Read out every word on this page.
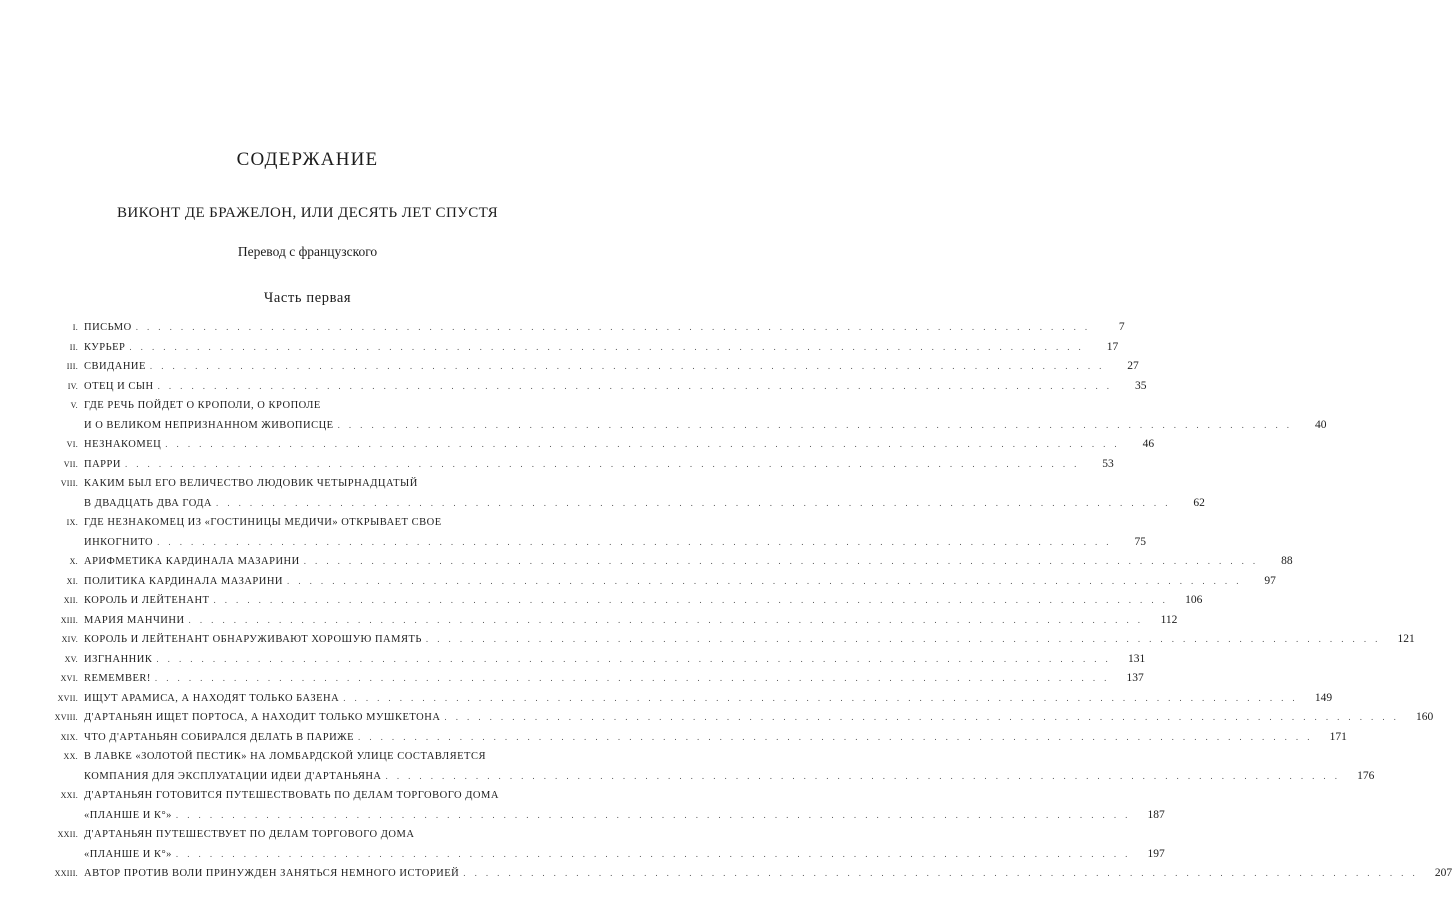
СОДЕРЖАНИЕ
ВИКОНТ ДЕ БРАЖЕЛОН, ИЛИ ДЕСЯТЬ ЛЕТ СПУСТЯ
Перевод с французского
Часть первая
I. ПИСЬМО . . . . . . . . . . . . . . . . . . . . . . . . . . . . . . . . . . . . . . . . . . . . . . . . . . . . . . . . . . . . . . . . . . . . . . . . . . . . . . . . . . . . .	7
II. КУРЬЕР . . . . . . . . . . . . . . . . . . . . . . . . . . . . . . . . . . . . . . . . . . . . . . . . . . . . . . . . . . . . . . . . . . . . . . . . . . . . . . . . . . . . .	17
III. СВИДАНИЕ . . . . . . . . . . . . . . . . . . . . . . . . . . . . . . . . . . . . . . . . . . . . . . . . . . . . . . . . . . . . . . . . . . . . . . . . . . . . . . . . . . . . .	27
IV. ОТЕЦ И СЫН . . . . . . . . . . . . . . . . . . . . . . . . . . . . . . . . . . . . . . . . . . . . . . . . . . . . . . . . . . . . . . . . . . . . . . . . . . . . . . . . . . . . .	35
V. ГДЕ РЕЧЬ ПОЙДЕТ О КРОПОЛИ, О КРОПОЛЕ
И О ВЕЛИКОМ НЕПРИЗНАННОМ ЖИВОПИСЦЕ . . . . . . . . . . . . . . . . . . . . . . . . . . . . . . . . . . . . . . . . . . . . . . . . . . . . . . . . . . . . . . . . . . . . . . . . . . . . . . . . . . . . .	40
VI. НЕЗНАКОМЕЦ . . . . . . . . . . . . . . . . . . . . . . . . . . . . . . . . . . . . . . . . . . . . . . . . . . . . . . . . . . . . . . . . . . . . . . . . . . . . . . . . . . . . .	46
VII. ПАРРИ . . . . . . . . . . . . . . . . . . . . . . . . . . . . . . . . . . . . . . . . . . . . . . . . . . . . . . . . . . . . . . . . . . . . . . . . . . . . . . . . . . . . .	53
VIII. КАКИМ БЫЛ ЕГО ВЕЛИЧЕСТВО ЛЮДОВИК ЧЕТЫРНАДЦАТЫЙ
В ДВАДЦАТЬ ДВА ГОДА . . . . . . . . . . . . . . . . . . . . . . . . . . . . . . . . . . . . . . . . . . . . . . . . . . . . . . . . . . . . . . . . . . . . . . . . . . . . . . . . . . . . .	62
IX. ГДЕ НЕЗНАКОМЕЦ ИЗ «ГОСТИНИЦЫ МЕДИЧИ» ОТКРЫВАЕТ СВОЕ
ИНКОГНИТО . . . . . . . . . . . . . . . . . . . . . . . . . . . . . . . . . . . . . . . . . . . . . . . . . . . . . . . . . . . . . . . . . . . . . . . . . . . . . . . . . . . . .	75
X. АРИФМЕТИКА КАРДИНАЛА МАЗАРИНИ . . . . . . . . . . . . . . . . . . . . . . . . . . . . . . . . . . . . . . . . . . . . . . . . . . . . . . . . . . . . . . . . . . . . . . . . . . . . . . . . . . . . .	88
XI. ПОЛИТИКА КАРДИНАЛА МАЗАРИНИ . . . . . . . . . . . . . . . . . . . . . . . . . . . . . . . . . . . . . . . . . . . . . . . . . . . . . . . . . . . . . . . . . . . . . . . . . . . . . . . . . . . . .	97
XII. КОРОЛЬ И ЛЕЙТЕНАНТ . . . . . . . . . . . . . . . . . . . . . . . . . . . . . . . . . . . . . . . . . . . . . . . . . . . . . . . . . . . . . . . . . . . . . . . . . . . . . . . . . . . . .	106
XIII. МАРИЯ МАНЧИНИ . . . . . . . . . . . . . . . . . . . . . . . . . . . . . . . . . . . . . . . . . . . . . . . . . . . . . . . . . . . . . . . . . . . . . . . . . . . . . . . . . . . . .	112
XIV. КОРОЛЬ И ЛЕЙТЕНАНТ ОБНАРУЖИВАЮТ ХОРОШУЮ ПАМЯТЬ . . . . . . . . . . . . . . . . . . . . . . . . . . . . . . . . . . . . . . . . . . . . . . . . . . . . . . . . . . . . . . . . . . . . . . . . . . . . . . . . . . . . .	121
XV. ИЗГНАННИК . . . . . . . . . . . . . . . . . . . . . . . . . . . . . . . . . . . . . . . . . . . . . . . . . . . . . . . . . . . . . . . . . . . . . . . . . . . . . . . . . . . . .	131
XVI. REMEMBER! . . . . . . . . . . . . . . . . . . . . . . . . . . . . . . . . . . . . . . . . . . . . . . . . . . . . . . . . . . . . . . . . . . . . . . . . . . . . . . . . . . . . .	137
XVII. ИЩУТ АРАМИСА, А НАХОДЯТ ТОЛЬКО БАЗЕНА . . . . . . . . . . . . . . . . . . . . . . . . . . . . . . . . . . . . . . . . . . . . . . . . . . . . . . . . . . . . . . . . . . . . . . . . . . . . . . . . . . . . .	149
XVIII. Д'АРТАНЬЯН ИЩЕТ ПОРТОСА, А НАХОДИТ ТОЛЬКО МУШКЕТОНА . . . . . . . . . . . . . . . . . . . . . . . . . . . . . . . . . . . . . . . . . . . . . . . . . . . . . . . . . . . . . . . . . . . . . . . . . . . . . . . . . . . . .	160
XIX. ЧТО Д'АРТАНЬЯН СОБИРАЛСЯ ДЕЛАТЬ В ПАРИЖЕ . . . . . . . . . . . . . . . . . . . . . . . . . . . . . . . . . . . . . . . . . . . . . . . . . . . . . . . . . . . . . . . . . . . . . . . . . . . . . . . . . . . . .	171
XX. В ЛАВКЕ «ЗОЛОТОЙ ПЕСТИК» НА ЛОМБАРДСКОЙ УЛИЦЕ СОСТАВЛЯЕТСЯ
КОМПАНИЯ ДЛЯ ЭКСПЛУАТАЦИИ ИДЕИ Д'АРТАНЬЯНА . . . . . . . . . . . . . . . . . . . . . . . . . . . . . . . . . . . . . . . . . . . . . . . . . . . . . . . . . . . . . . . . . . . . . . . . . . . . . . . . . . . . .	176
XXI. Д'АРТАНЬЯН ГОТОВИТСЯ ПУТЕШЕСТВОВАТЬ ПО ДЕЛАМ ТОРГОВОГО ДОМА
«ПЛАНШЕ И К°» . . . . . . . . . . . . . . . . . . . . . . . . . . . . . . . . . . . . . . . . . . . . . . . . . . . . . . . . . . . . . . . . . . . . . . . . . . . . . . . . . . . . .	187
XXII. Д'АРТАНЬЯН ПУТЕШЕСТВУЕТ ПО ДЕЛАМ ТОРГОВОГО ДОМА
«ПЛАНШЕ И К°» . . . . . . . . . . . . . . . . . . . . . . . . . . . . . . . . . . . . . . . . . . . . . . . . . . . . . . . . . . . . . . . . . . . . . . . . . . . . . . . . . . . . .	197
XXIII. АВТОР ПРОТИВ ВОЛИ ПРИНУЖДЕН ЗАНЯТЬСЯ НЕМНОГО ИСТОРИЕЙ . . . . . . . . . . . . . . . . . . . . . . . . . . . . . . . . . . . . . . . . . . . . . . . . . . . . . . . . . . . . . . . . . . . . . . . . . . . . . . . . . . . . .	207
